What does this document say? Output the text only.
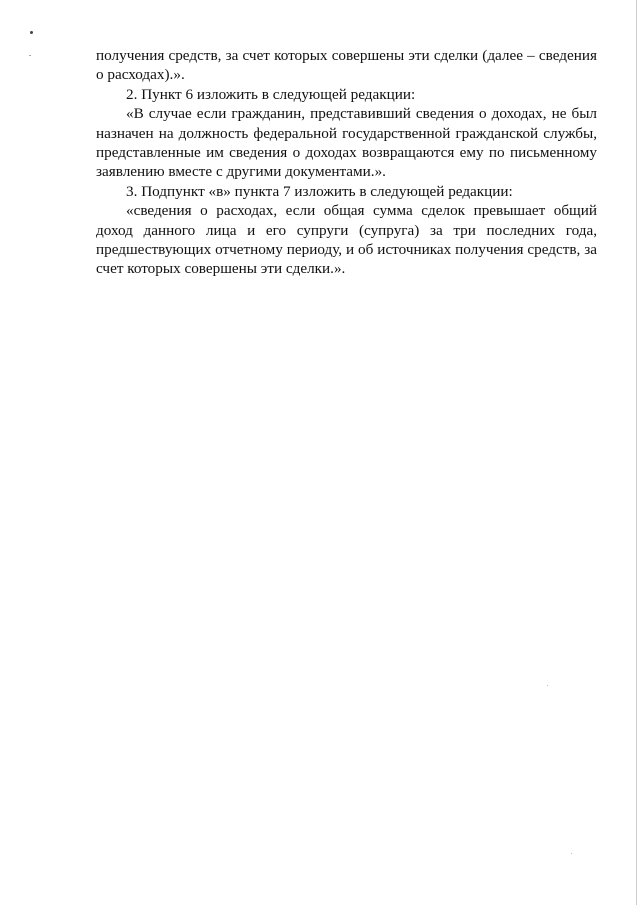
получения средств, за счет которых совершены эти сделки (далее – сведения о расходах).».

2. Пункт 6 изложить в следующей редакции:

«В случае если гражданин, представивший сведения о доходах, не был назначен на должность федеральной государственной гражданской службы, представленные им сведения о доходах возвращаются ему по письменному заявлению вместе с другими документами.».

3. Подпункт «в» пункта 7 изложить в следующей редакции:

«сведения о расходах, если общая сумма сделок превышает общий доход данного лица и его супруги (супруга) за три последних года, предшествующих отчетному периоду, и об источниках получения средств, за счет которых совершены эти сделки.».
